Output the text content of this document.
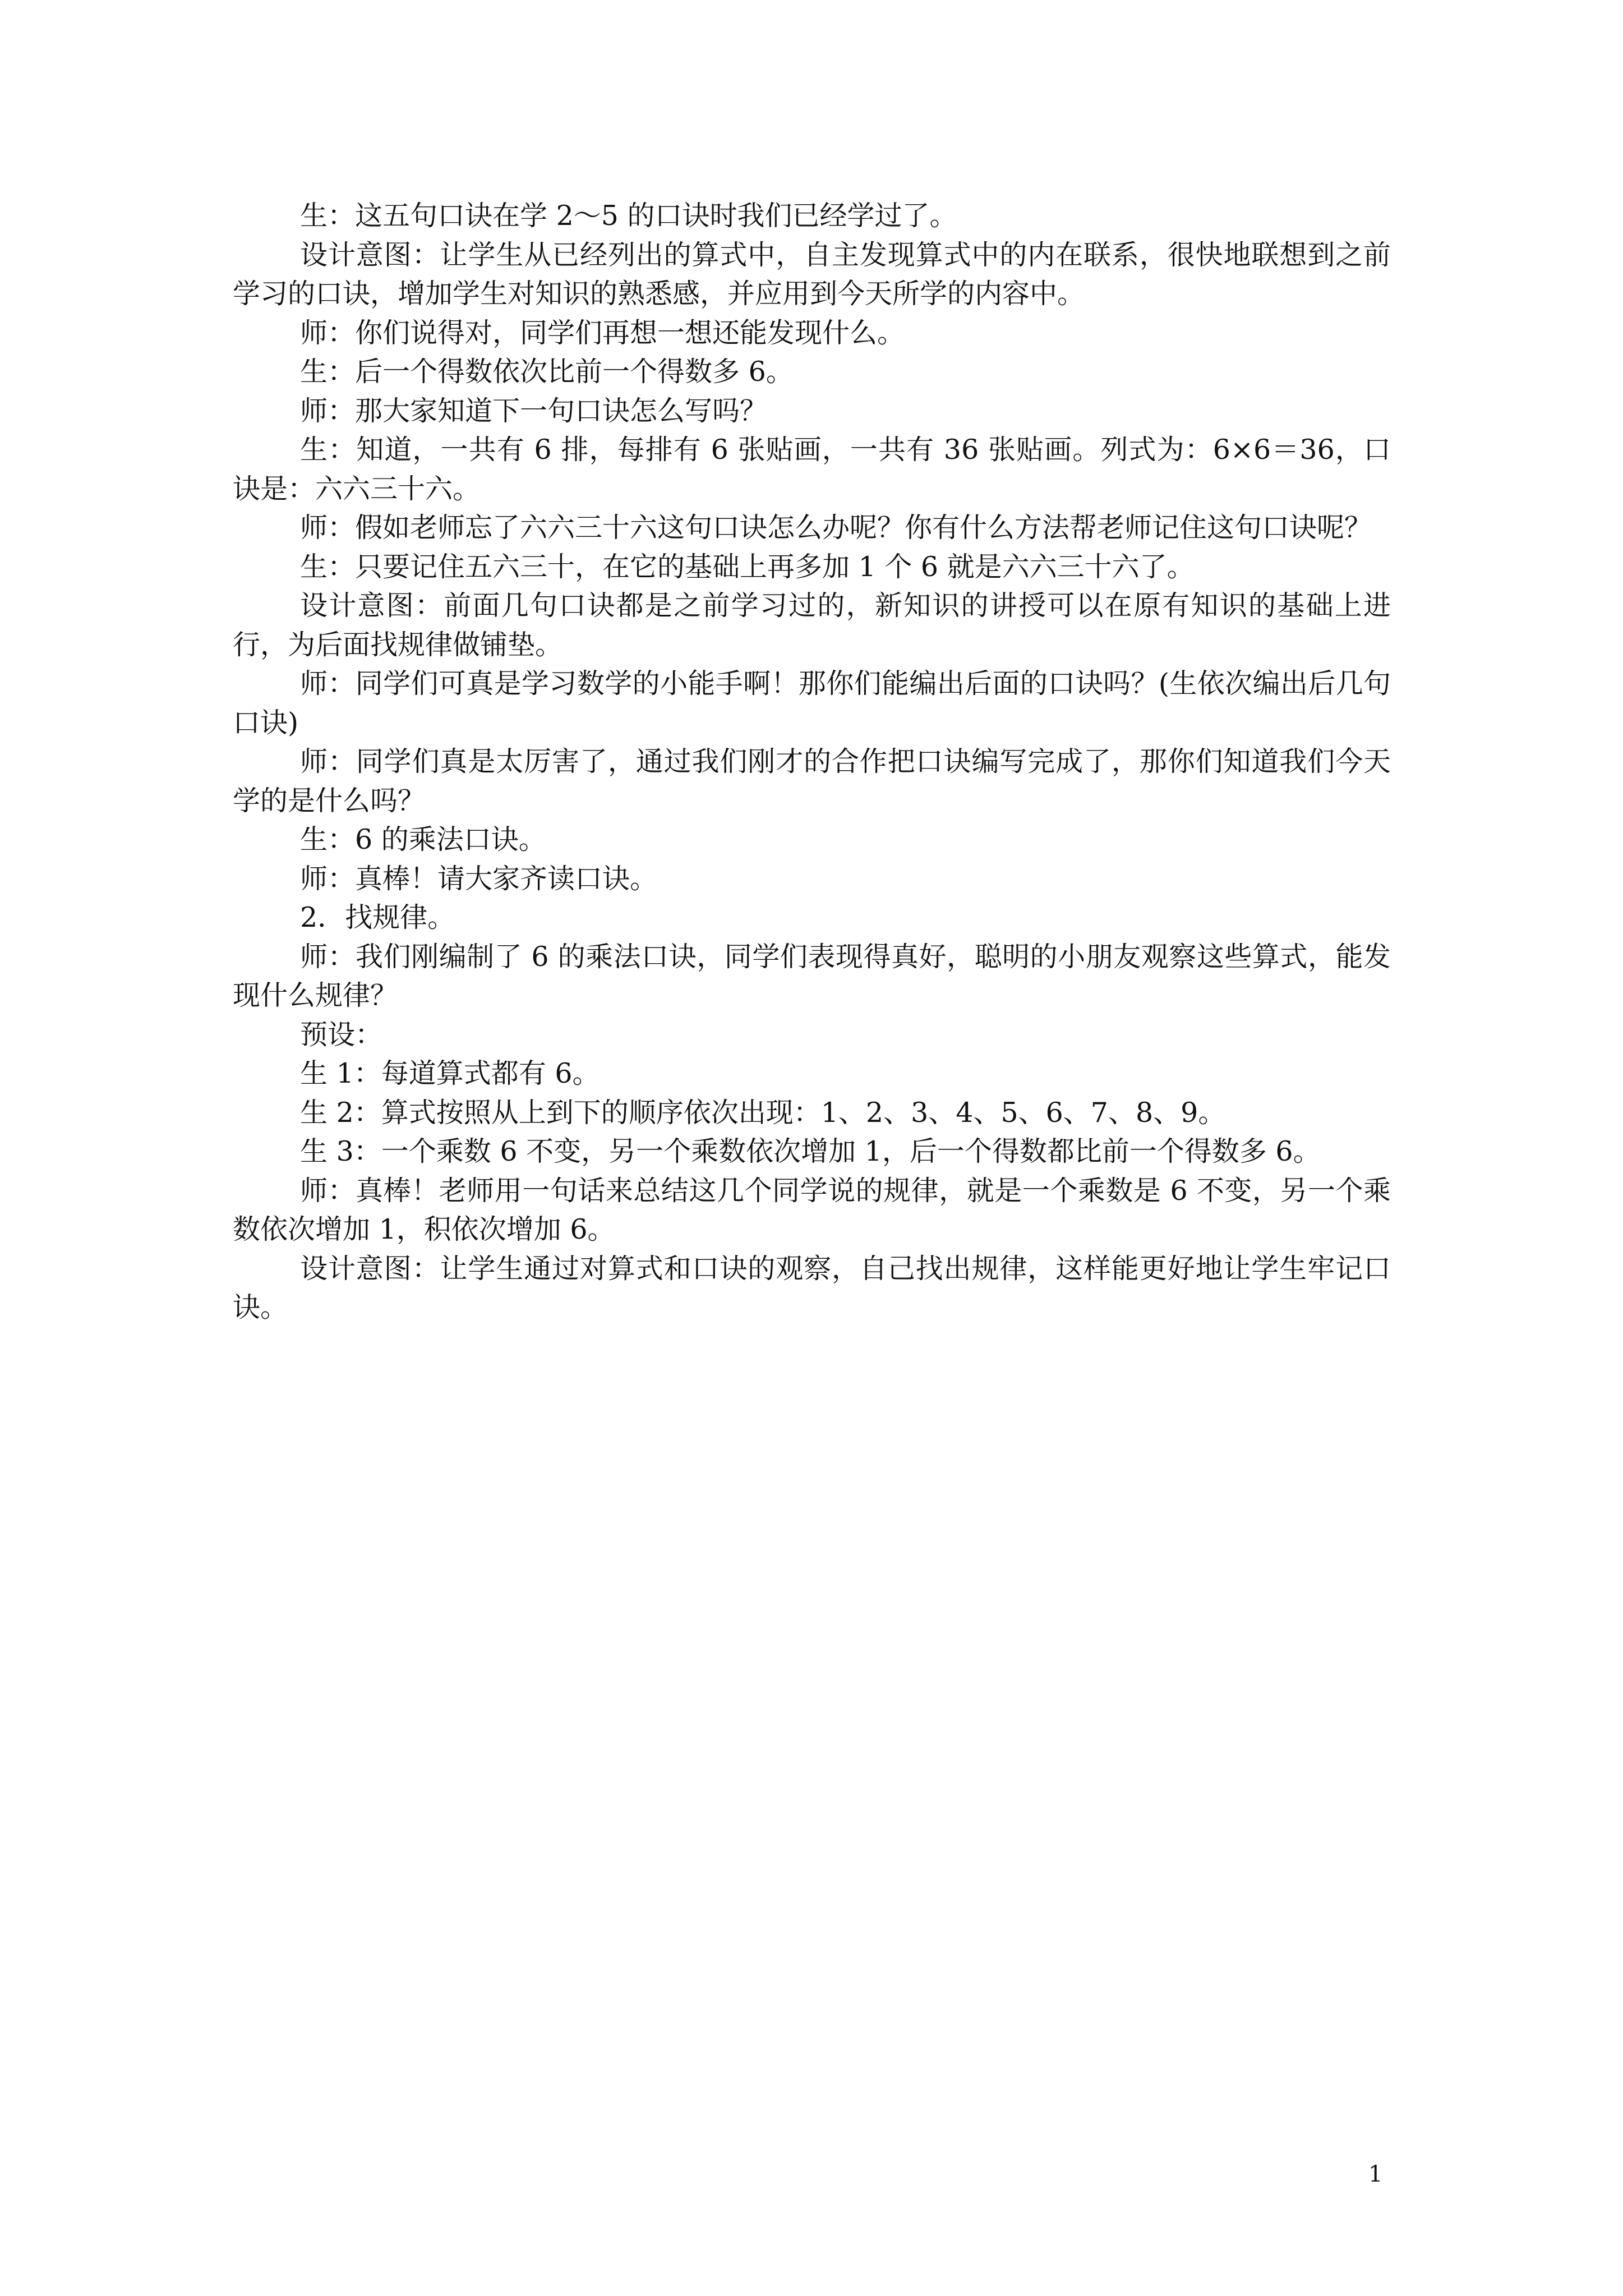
生：这五句口诀在学 2～5 的口诀时我们已经学过了。

设计意图：让学生从已经列出的算式中，自主发现算式中的内在联系，很快地联想到之前学习的口诀，增加学生对知识的熟悉感，并应用到今天所学的内容中。

师：你们说得对，同学们再想一想还能发现什么。

生：后一个得数依次比前一个得数多 6。

师：那大家知道下一句口诀怎么写吗？

生：知道，一共有 6 排，每排有 6 张贴画，一共有 36 张贴画。列式为：6×6＝36，口诀是：六六三十六。

师：假如老师忘了六六三十六这句口诀怎么办呢？你有什么方法帮老师记住这句口诀呢？

生：只要记住五六三十，在它的基础上再多加 1 个 6 就是六六三十六了。

设计意图：前面几句口诀都是之前学习过的，新知识的讲授可以在原有知识的基础上进行，为后面找规律做铺垫。

师：同学们可真是学习数学的小能手啊！那你们能编出后面的口诀吗？(生依次编出后几句口诀)

师：同学们真是太厉害了，通过我们刚才的合作把口诀编写完成了，那你们知道我们今天学的是什么吗？

生：6 的乘法口诀。

师：真棒！请大家齐读口诀。

2．找规律。

师：我们刚编制了 6 的乘法口诀，同学们表现得真好，聪明的小朋友观察这些算式，能发现什么规律？

预设：

生 1：每道算式都有 6。

生 2：算式按照从上到下的顺序依次出现：1、2、3、4、5、6、7、8、9。

生 3：一个乘数 6 不变，另一个乘数依次增加 1，后一个得数都比前一个得数多 6。

师：真棒！老师用一句话来总结这几个同学说的规律，就是一个乘数是 6 不变，另一个乘数依次增加 1，积依次增加 6。

设计意图：让学生通过对算式和口诀的观察，自己找出规律，这样能更好地让学生牢记口诀。

1
